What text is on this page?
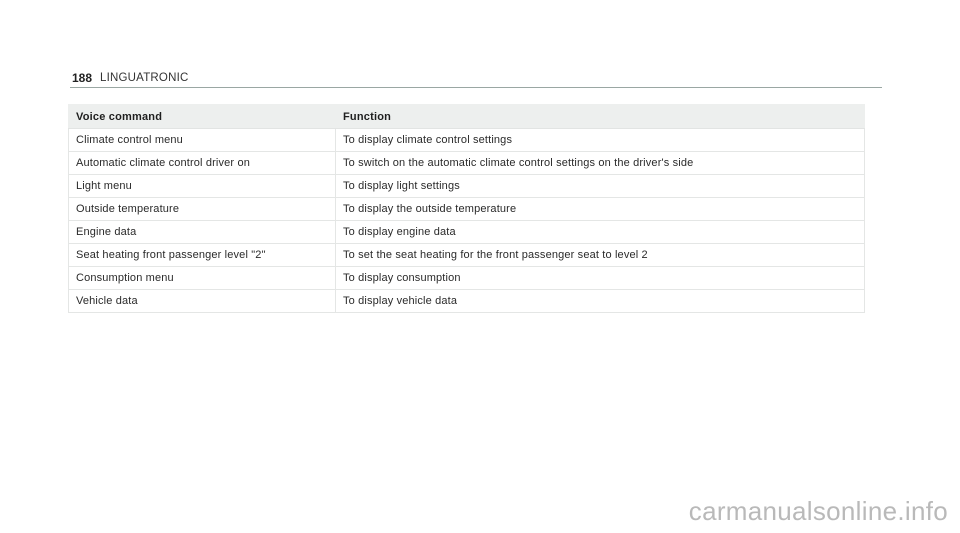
188 LINGUATRONIC
Voice command	Function
Climate control menu	To display climate control settings
Automatic climate control driver on	To switch on the automatic climate control settings on the driver's side
Light menu	To display light settings
Outside temperature	To display the outside temperature
Engine data	To display engine data
Seat heating front passenger level "2"	To set the seat heating for the front passenger seat to level 2
Consumption menu	To display consumption
Vehicle data	To display vehicle data
carmanualsonline.info
